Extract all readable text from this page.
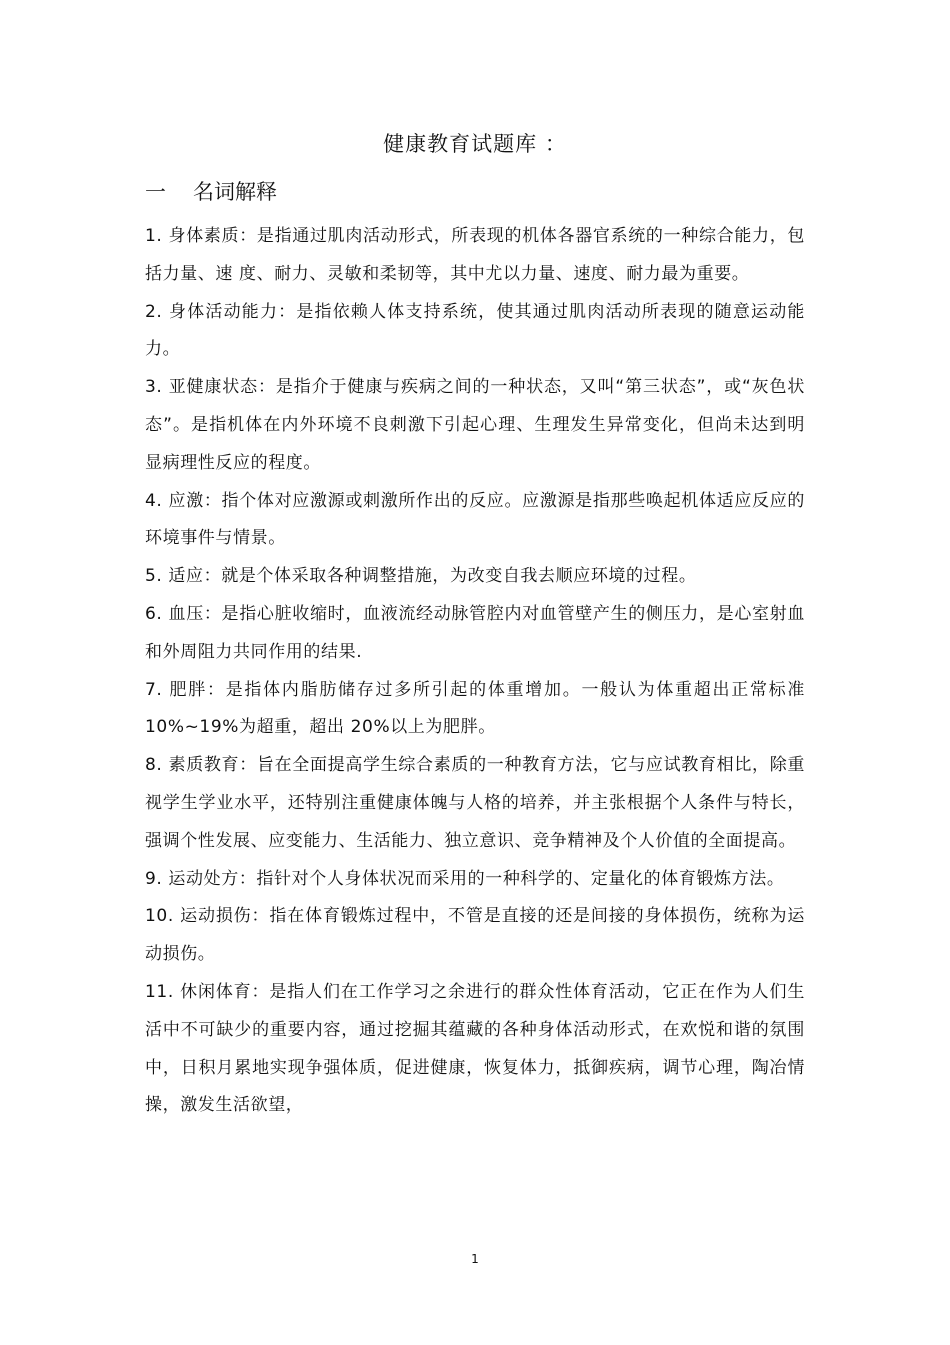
健康教育试题库 ：
一 名词解释

1. 身体素质：是指通过肌肉活动形式，所表现的机体各器官系统的一种综合能力，包括力量、速 度、耐力、灵敏和柔韧等，其中尤以力量、速度、耐力最为重要。

2. 身体活动能力：是指依赖人体支持系统，使其通过肌肉活动所表现的随意运动能力。

3. 亚健康状态：是指介于健康与疾病之间的一种状态，又叫“第三状态”，或“灰色状态”。是指机体在内外环境不良刺激下引起心理、生理发生异常变化，但尚未达到明显病理性反应的程度。

4. 应激：指个体对应激源或刺激所作出的反应。应激源是指那些唤起机体适应反应的环境事件与情景。

5. 适应：就是个体采取各种调整措施，为改变自我去顺应环境的过程。

6. 血压：是指心脏收缩时，血液流经动脉管腔内对血管壁产生的侧压力，是心室射血和外周阻力共同作用的结果.

7. 肥胖：是指体内脂肪储存过多所引起的体重增加。一般认为体重超出正常标准 10%~19%为超重，超出 20%以上为肥胖。

8. 素质教育：旨在全面提高学生综合素质的一种教育方法，它与应试教育相比，除重视学生学业水平，还特别注重健康体魄与人格的培养，并主张根据个人条件与特长，强调个性发展、应变能力、生活能力、独立意识、竞争精神及个人价值的全面提高。

9. 运动处方：指针对个人身体状况而采用的一种科学的、定量化的体育锻炼方法。

10. 运动损伤：指在体育锻炼过程中，不管是直接的还是间接的身体损伤，统称为运动损伤。

11. 休闲体育：是指人们在工作学习之余进行的群众性体育活动，它正在作为人们生活中不可缺少的重要内容，通过挖掘其蕴藏的各种身体活动形式，在欢悦和谐的氛围中，日积月累地实现争强体质，促进健康，恢复体力，抵御疾病，调节心理，陶冶情操，激发生活欲望，

1
